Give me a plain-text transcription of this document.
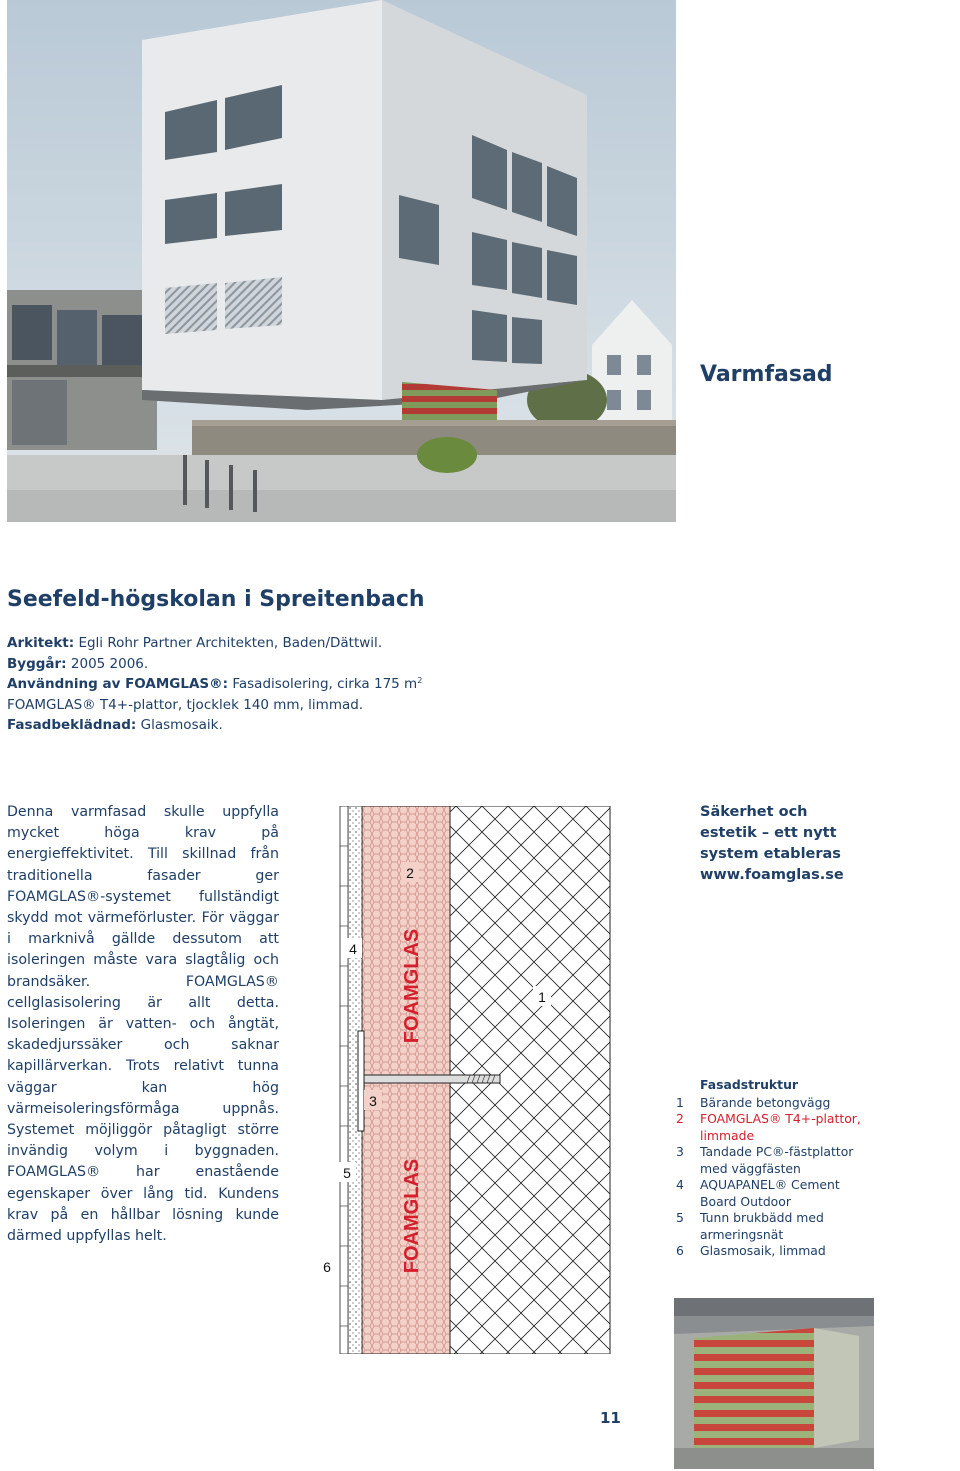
Varmfasad
Seefeld-högskolan i Spreitenbach
Arkitekt: Egli Rohr Partner Architekten, Baden/Dättwil.
Byggår: 2005 2006.
Användning av FOAMGLAS®: Fasadisolering, cirka 175 $m^2$
FOAMGLAS® T4+-plattor, tjocklek 140 mm, limmad.
Fasadbeklädnad: Glasmosaik.

Denna varmfasad skulle uppfylla mycket höga krav på energieffektivitet. Till skillnad från traditionella fasader ger FOAMGLAS®-systemet fullständigt skydd mot värmeförluster. För väggar i marknivå gällde dessutom att isoleringen måste vara slagtålig och brandsäker. FOAMGLAS® cellglasisolering är allt detta. Isoleringen är vatten- och ångtät, skadedjurssäker och saknar kapillärverkan. Trots relativt tunna väggar kan hög värmeisoleringsförmåga uppnås. Systemet möjliggör påtagligt större invändig volym i byggnaden. FOAMGLAS® har enastående egenskaper över lång tid. Kundens krav på en hållbar lösning kunde därmed uppfyllas helt.

FOAMGLAS
FOAMGLAS
1
2
3
4
5
6
Säkerhet och
estetik – ett nytt
system etableras
www.foamglas.se
Fasadstruktur
1	Bärande betongvägg
2	FOAMGLAS® T4+-plattor, limmade
3	Tandade PC®-fästplattor med väggfästen
4	AQUAPANEL® Cement Board Outdoor
5	Tunn brukbädd med armeringsnät
6	Glasmosaik, limmad
11
